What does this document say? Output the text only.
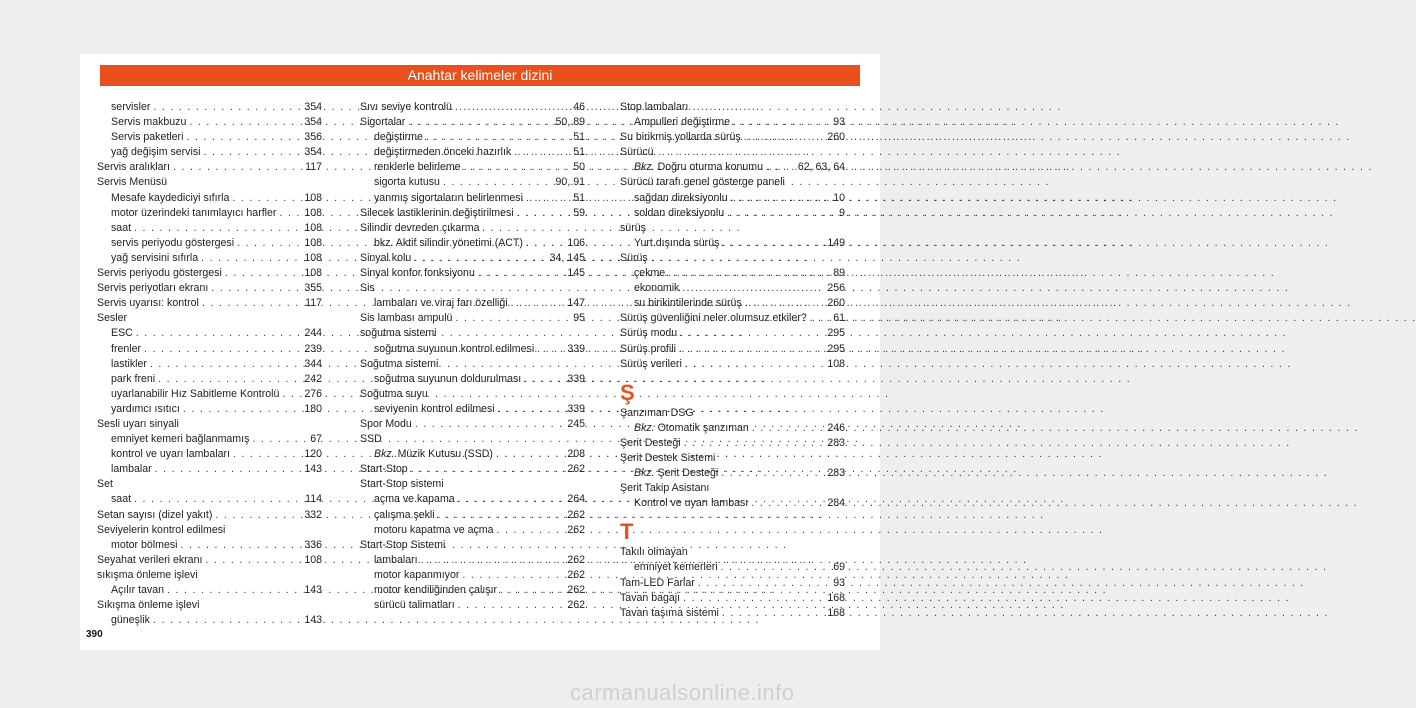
Anahtar kelimeler dizini
servisler . . .	354
Servis makbuzu . . .	354
Servis paketleri . . .	356
yağ değişim servisi . . .	354
Servis aralıkları . . .	117
Servis Menüsü
Mesafe kaydediciyi sıfırla . . .	108
motor üzerindeki tanımlayıcı harfler . . .	108
saat . . .	108
servis periyodu göstergesi . . .	108
yağ servisini sıfırla . . .	108
Servis periyodu göstergesi . . .	108
Servis periyotları ekranı . . .	355
Servis uyarısı: kontrol . . .	117
Sesler
ESC . . .	244
frenler . . .	239
lastikler . . .	344
park freni . . .	242
uyarlanabilir Hız Sabitleme Kontrolü . . . 276
yardımcı ısıtıcı . . .	180
Sesli uyarı sinyali
emniyet kemeri bağlanmamış . . .	67
kontrol ve uyarı lambaları . . .	120
lambalar . . .	143
Set
saat . . .	114
Setan sayısı (dizel yakıt) . . .	332
Seviyelerin kontrol edilmesi
motor bölmesi . . .	336
Seyahat verileri ekranı . . .	108
sıkışma önleme işlevi
Açılır tavan . . .	143
Sıkışma önleme işlevi
güneşlik . . .	143
Sıvı seviye kontrolü . . .	46
Sigortalar . . .	50, 89
değiştirme . . .	51
değiştirmeden önceki hazırlık . . .	51
renklerle belirleme . . .	50
sigorta kutusu . . .	90, 91
yanmış sigortaların belirlenmesi . . .	51
Silecek lastiklerinin değiştirilmesi . . .	59
Silindir devreden çıkarma
bkz. Aktif silindir yönetimi (ACT) . . .	106
Sinyal kolu . . .	34, 145
Sinyal konfor fonksiyonu . . .	145
Sis
lambaları ve viraj farı özelliği . . .	147
Sis lambası ampulü . . .	95
soğutma sistemi
soğutma suyunun kontrol edilmesi . . .	339
Soğutma sistemi
soğutma suyunun doldurulması . . .	339
Soğutma suyu
seviyenin kontrol edilmesi . . .	339
Spor Modu . . .	245
SSD
Bkz. Müzik Kutusu (SSD) . . .	208
Start-Stop . . .	262
Start-Stop sistemi
açma ve kapama . . .	264
çalışma şekli . . .	262
motoru kapatma ve açma . . .	262
Start-Stop Sistemi
lambaları . . .	262
motor kapanmıyor . . .	262
motor kendiliğinden çalışır . . .	262
sürücü talimatları . . .	262
Stop lambaları
Ampulleri değiştirme . . .	93
Su birikmiş yollarda sürüş . . .	260
Sürücü
Bkz. Doğru oturma konumu . . .	62, 63, 64
Sürücü tarafı genel gösterge paneli
sağdan direksiyonlu . . .	10
soldan direksiyonlu . . .	9
sürüş
Yurt dışında sürüş . . .	149
Sürüş
çekme . . .	89
ekonomik . . .	256
su birikintilerinde sürüş . . .	260
Sürüş güvenliğini neler olumsuz etkiler? . . .	61
Sürüş modu . . .	295
Sürüş profili . . .	295
Sürüş verileri . . .	108
Ş
Şanzıman DSG
Bkz. Otomatik şanzıman . . .	246
Şerit Desteği . . .	283
Şerit Destek Sistemi
Bkz. Şerit Desteği . . .	283
Şerit Takip Asistanı
Kontrol ve uyarı lambası . . .	284
T
Takılı olmayan
emniyet kemerleri . . .	69
Tam-LED Farlar . . .	93
Tavan bagajı . . .	168
Tavan taşıma sistemi . . .	168
390
carmanualsonline.info
